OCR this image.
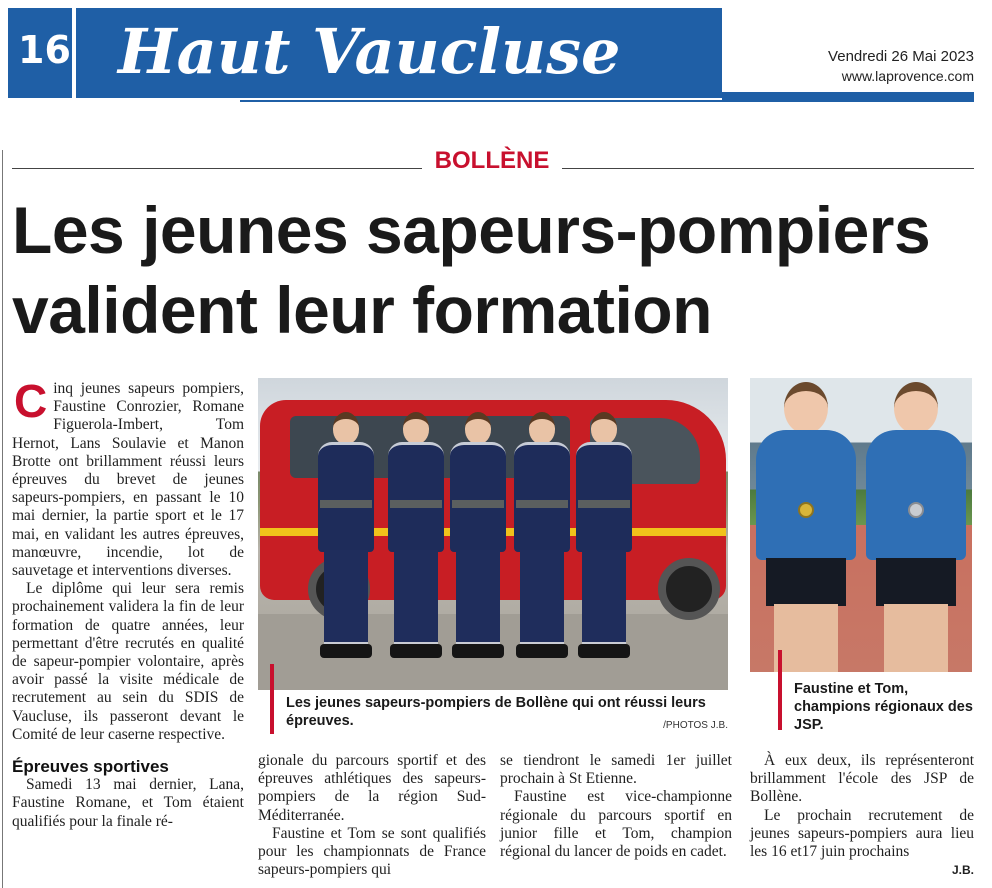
16 Haut Vaucluse	Vendredi 26 Mai 2023
www.laprovence.com
BOLLÈNE
Les jeunes sapeurs-pompiers valident leur formation

Cinq jeunes sapeurs pompiers, Faustine Conrozier, Romane Figuerola-Imbert, Tom Hernot, Lans Soulavie et Manon Brotte ont brillamment réussi leurs épreuves du brevet de jeunes sapeurs-pompiers, en passant le 10 mai dernier, la partie sport et le 17 mai, en validant les autres épreuves, manœuvre, incendie, lot de sauvetage et interventions diverses.

Le diplôme qui leur sera remis prochainement validera la fin de leur formation de quatre années, leur permettant d'être recrutés en qualité de sapeur-pompier volontaire, après avoir passé la visite médicale de recrutement au sein du SDIS de Vaucluse, ils passeront devant le Comité de leur caserne respective.

Épreuves sportives

Samedi 13 mai dernier, Lana, Faustine Romane, et Tom étaient qualifiés pour la finale ré-

Les jeunes sapeurs-pompiers de Bollène qui ont réussi leurs épreuves.	/PHOTOS J.B.
Faustine et Tom, champions régionaux des JSP.

gionale du parcours sportif et des épreuves athlétiques des sapeurs-pompiers de la région Sud-Méditerranée.

Faustine et Tom se sont qualifiés pour les championnats de France sapeurs-pompiers qui

se tiendront le samedi 1er juillet prochain à St Etienne.

Faustine est vice-championne régionale du parcours sportif en junior fille et Tom, champion régional du lancer de poids en cadet.

À eux deux, ils représenteront brillamment l'école des JSP de Bollène.

Le prochain recrutement de jeunes sapeurs-pompiers aura lieu les 16 et17 juin prochains

J.B.
